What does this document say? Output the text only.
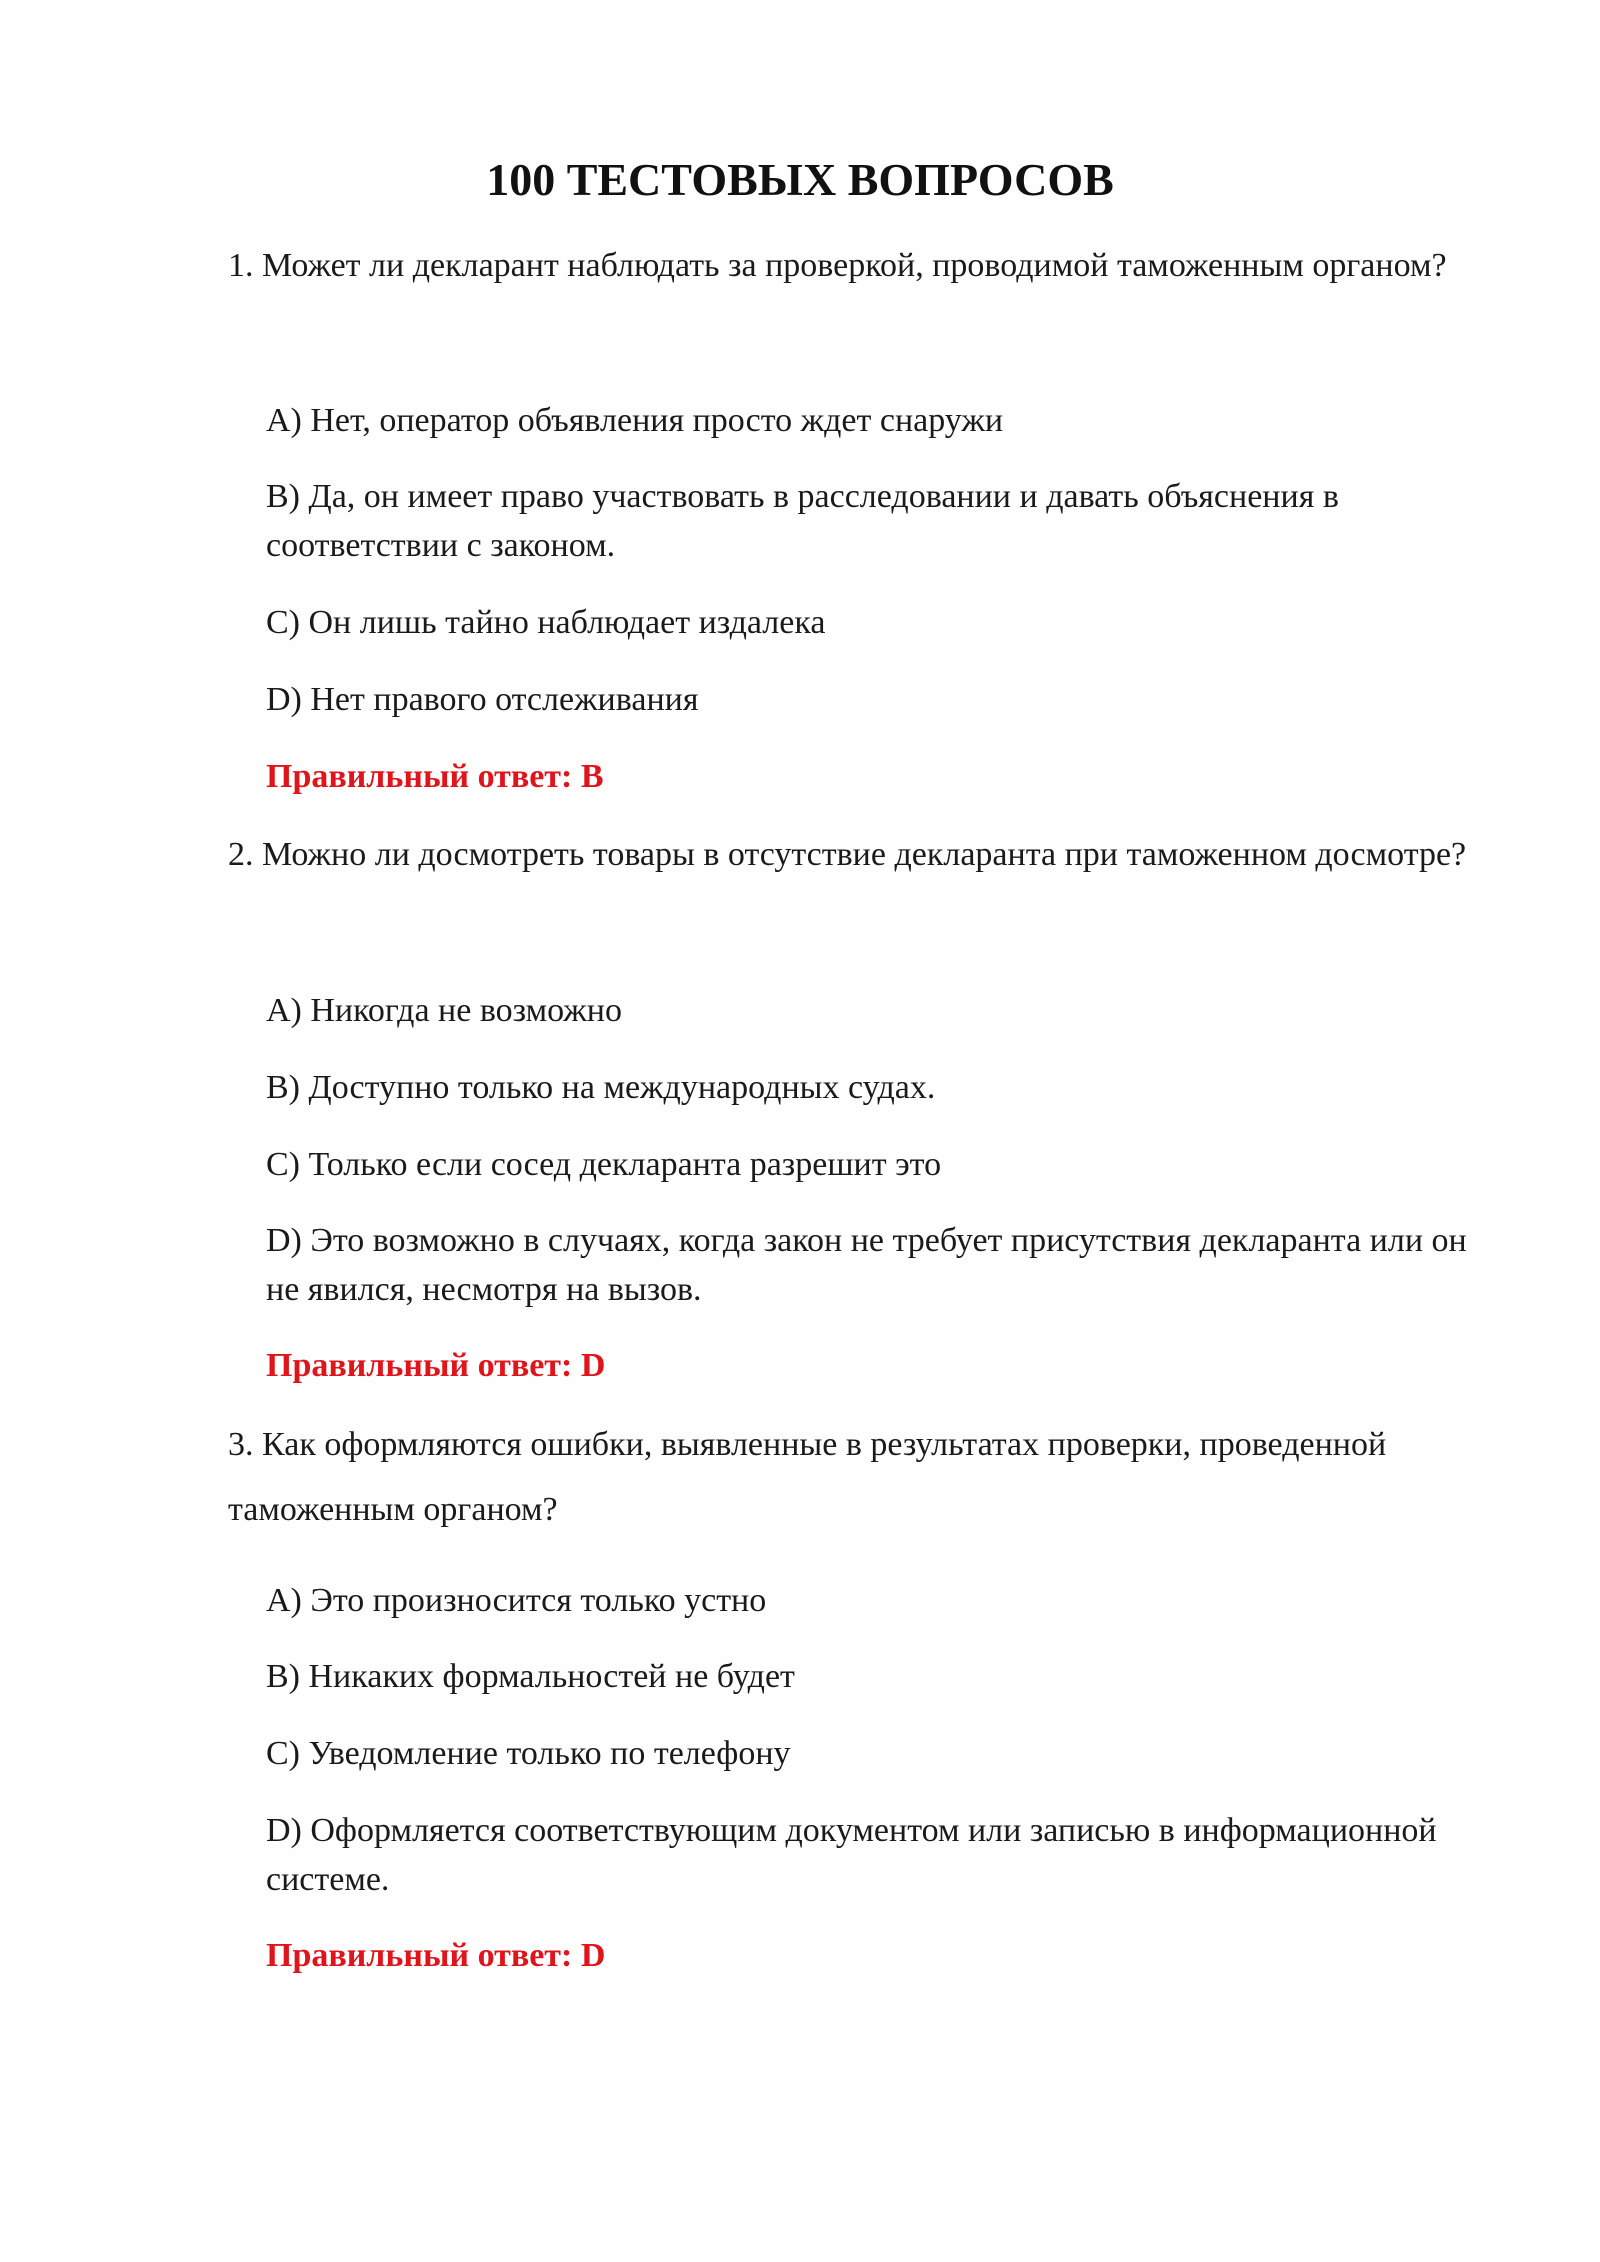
100 ТЕСТОВЫХ ВОПРОСОВ
1. Может ли декларант наблюдать за проверкой, проводимой таможенным органом?
A) Нет, оператор объявления просто ждет снаружи
B) Да, он имеет право участвовать в расследовании и давать объяснения в соответствии с законом.
C) Он лишь тайно наблюдает издалека
D) Нет правого отслеживания
Правильный ответ: B
2. Можно ли досмотреть товары в отсутствие декларанта при таможенном досмотре?
A) Никогда не возможно
B) Доступно только на международных судах.
C) Только если сосед декларанта разрешит это
D) Это возможно в случаях, когда закон не требует присутствия декларанта или он не явился, несмотря на вызов.
Правильный ответ: D
3. Как оформляются ошибки, выявленные в результатах проверки, проведенной таможенным органом?
A) Это произносится только устно
B) Никаких формальностей не будет
C) Уведомление только по телефону
D) Оформляется соответствующим документом или записью в информационной системе.
Правильный ответ: D
